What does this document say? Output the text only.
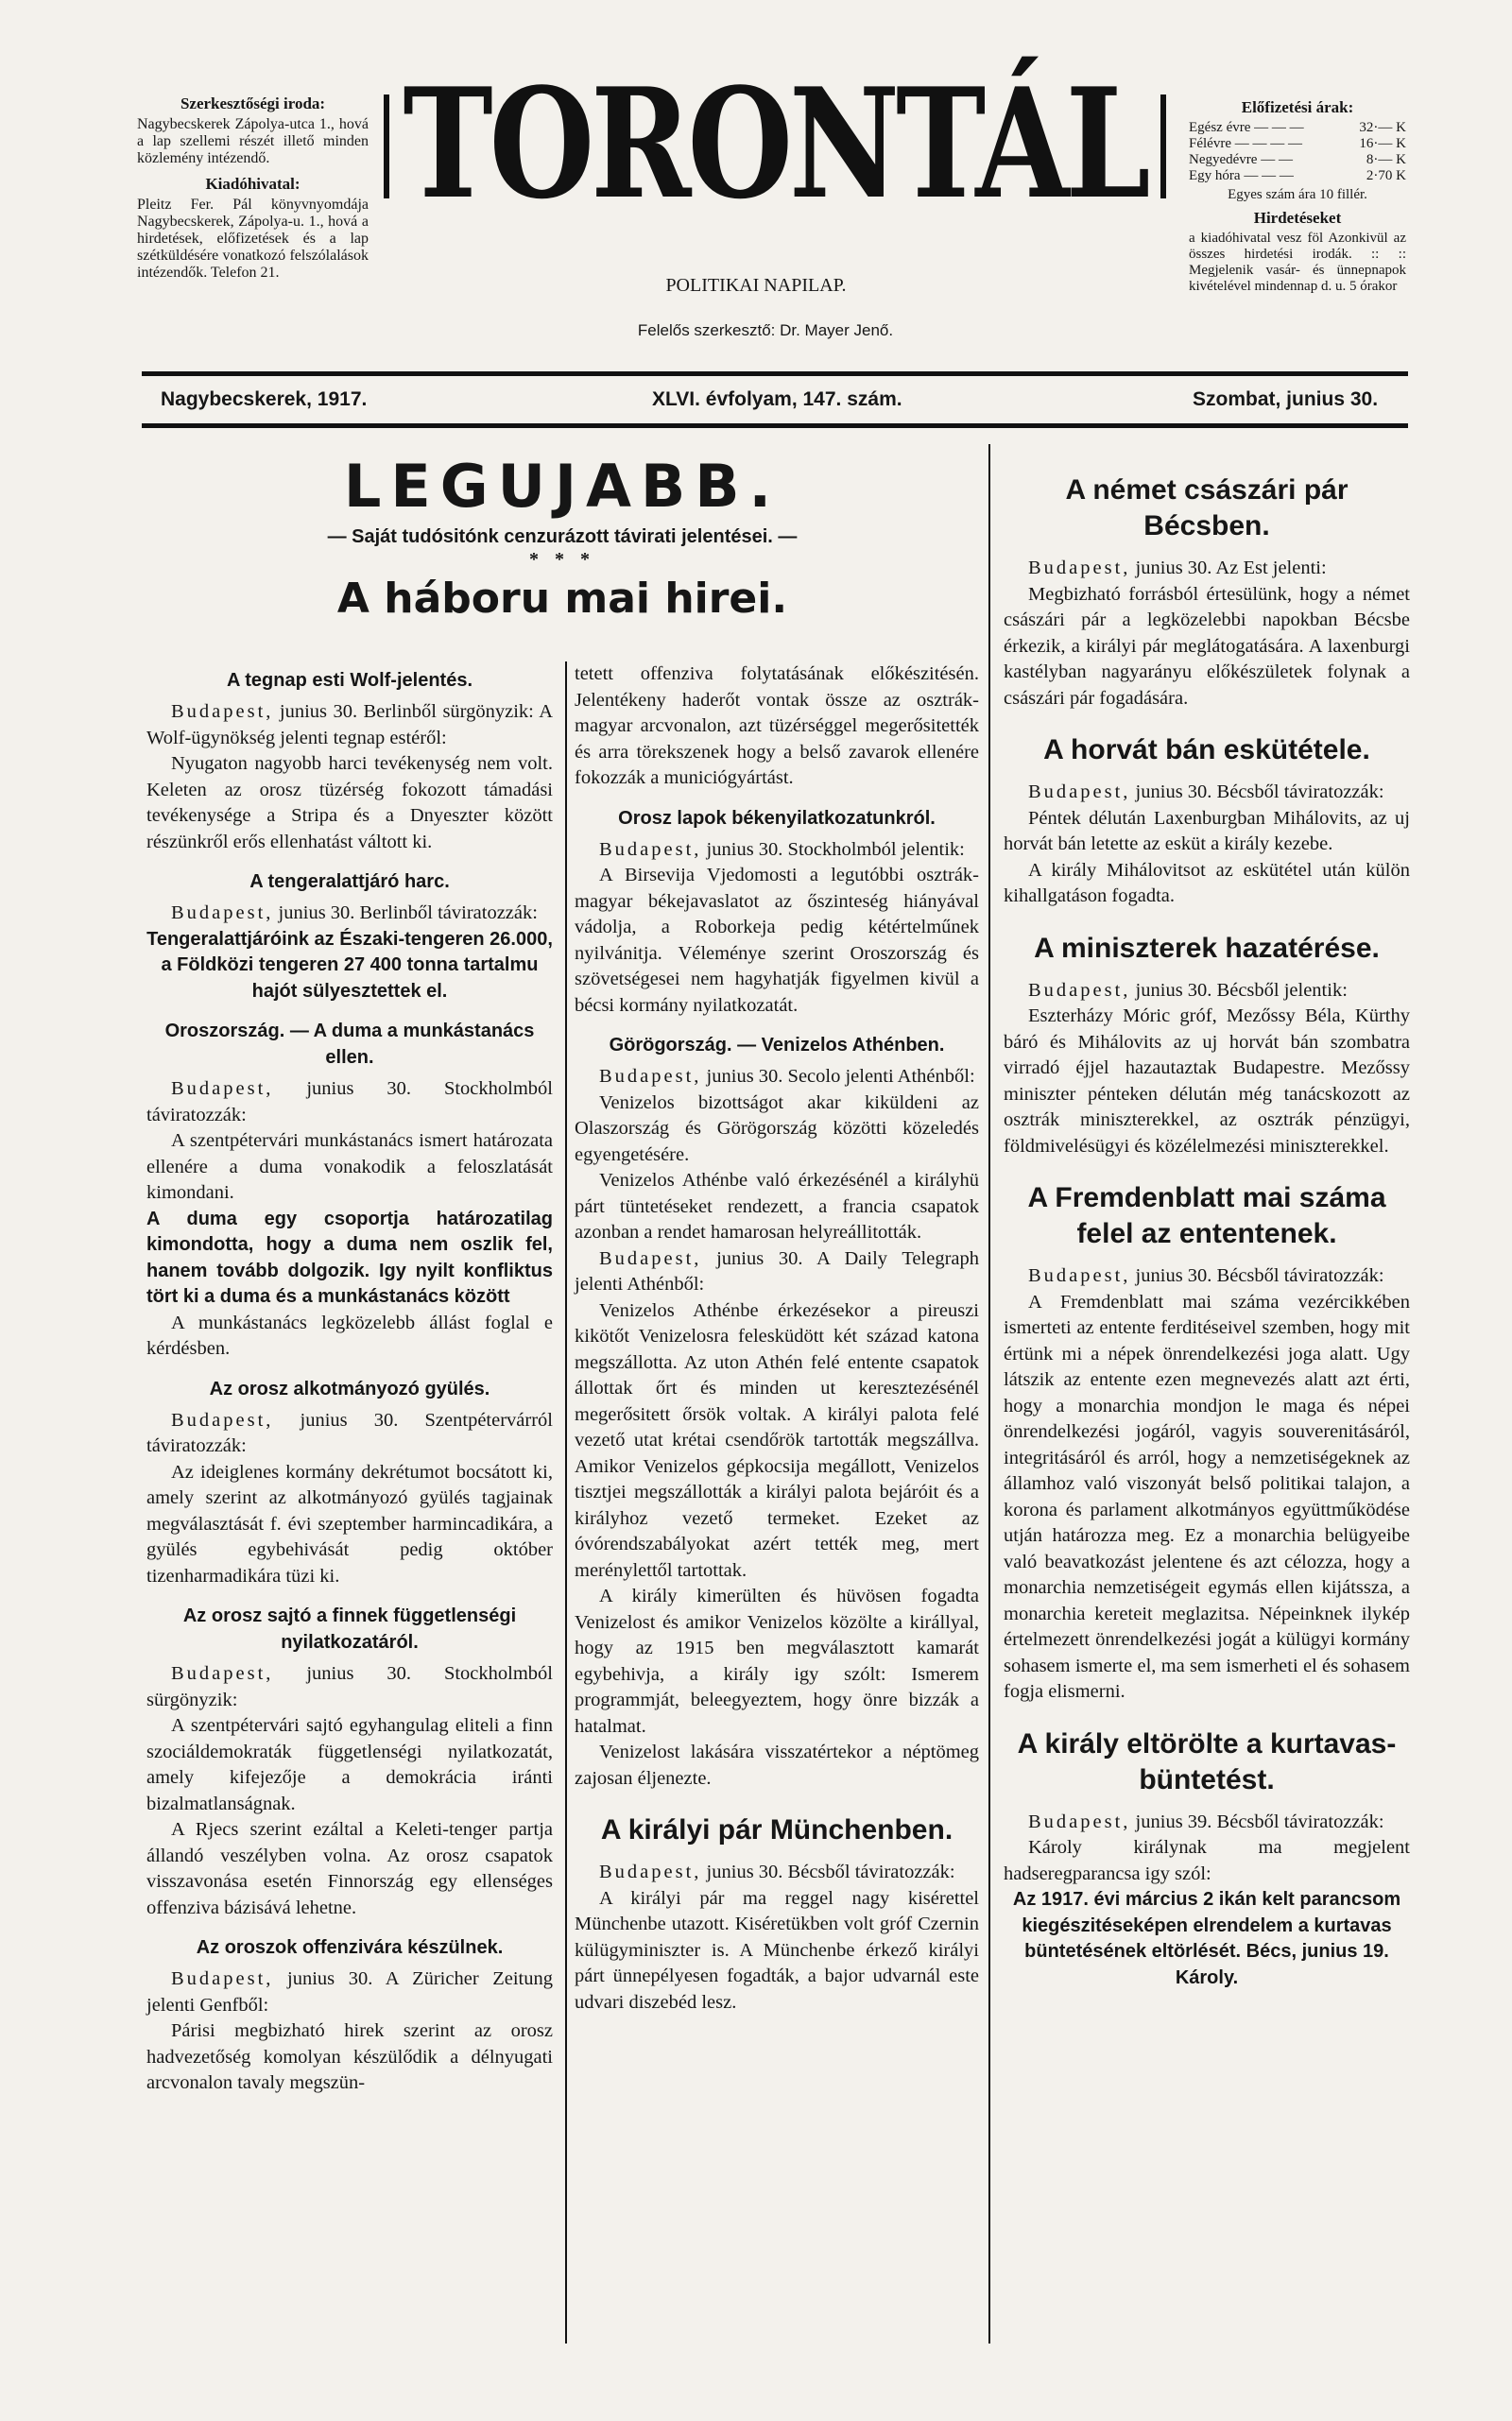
Szerkesztőségi iroda:

Nagybecskerek Zápolya-utca 1., hová a lap szellemi részét illető minden közlemény intézendő.

Kiadóhivatal:

Pleitz Fer. Pál könyvnyomdája Nagybecskerek, Zápolya-u. 1., hová a hirdetések, előfizetések és a lap szétküldésére vonatkozó felszólalások intézendők. Telefon 21.

TORONTÁL
POLITIKAI NAPILAP.
Felelős szerkesztő: Dr. Mayer Jenő.
Előfizetési árak:
Egész évre — — —	32·— K
Félévre — — — —	16·— K
Negyedévre — —	8·— K
Egy hóra — — —	2·70 K
Egyes szám ára 10 fillér.
Hirdetéseket

a kiadóhivatal vesz föl Azonkivül az összes hirdetési irodák. :: :: Megjelenik vasár- és ünnepnapok kivételével mindennap d. u. 5 órakor

Nagybecskerek, 1917.	XLVI. évfolyam, 147. szám.	Szombat, junius 30.
LEGUJABB.
— Saját tudósitónk cenzurázott távirati jelentései. —
* * *
A háboru mai hirei.
A tegnap esti Wolf-jelentés.

Budapest, junius 30. Berlinből sürgönyzik: A Wolf-ügynökség jelenti tegnap estéről:

Nyugaton nagyobb harci tevékenység nem volt. Keleten az orosz tüzérség fokozott támadási tevékenysége a Stripa és a Dnyeszter között részünkről erős ellenhatást váltott ki.

A tengeralattjáró harc.

Budapest, junius 30. Berlinből táviratozzák:

Tengeralattjáróink az Északi-tengeren 26.000, a Földközi tengeren 27 400 tonna tartalmu hajót sülyesztettek el.

Oroszország. — A duma a munkástanács ellen.

Budapest, junius 30. Stockholmból táviratozzák:

A szentpétervári munkástanács ismert határozata ellenére a duma vonakodik a feloszlatását kimondani.

A duma egy csoportja határozatilag kimondotta, hogy a duma nem oszlik fel, hanem tovább dolgozik. Igy nyilt konfliktus tört ki a duma és a munkástanács között

A munkástanács legközelebb állást foglal e kérdésben.

Az orosz alkotmányozó gyülés.

Budapest, junius 30. Szentpétervárról táviratozzák:

Az ideiglenes kormány dekrétumot bocsátott ki, amely szerint az alkotmányozó gyülés tagjainak megválasztását f. évi szeptember harmincadikára, a gyülés egybehivását pedig október tizenharmadikára tüzi ki.

Az orosz sajtó a finnek függetlenségi nyilatkozatáról.

Budapest, junius 30. Stockholmból sürgönyzik:

A szentpétervári sajtó egyhangulag eliteli a finn szociáldemokraták függetlenségi nyilatkozatát, amely kifejezője a demokrácia iránti bizalmatlanságnak.

A Rjecs szerint ezáltal a Keleti-tenger partja állandó veszélyben volna. Az orosz csapatok visszavonása esetén Finnország egy ellenséges offenziva bázisává lehetne.

Az oroszok offenzivára készülnek.

Budapest, junius 30. A Züricher Zeitung jelenti Genfből:

Párisi megbizható hirek szerint az orosz hadvezetőség komolyan készülődik a délnyugati arcvonalon tavaly megszün-

tetett offenziva folytatásának előkészitésén. Jelentékeny haderőt vontak össze az osztrák-magyar arcvonalon, azt tüzérséggel megerősitették és arra törekszenek hogy a belső zavarok ellenére fokozzák a municiógyártást.

Orosz lapok békenyilatkozatunkról.

Budapest, junius 30. Stockholmból jelentik:

A Birsevija Vjedomosti a legutóbbi osztrák-magyar békejavaslatot az őszinteség hiányával vádolja, a Roborkeja pedig kétértelműnek nyilvánitja. Véleménye szerint Oroszország és szövetségesei nem hagyhatják figyelmen kivül a bécsi kormány nyilatkozatát.

Görögország. — Venizelos Athénben.

Budapest, junius 30. Secolo jelenti Athénből:

Venizelos bizottságot akar kiküldeni az Olaszország és Görögország közötti közeledés egyengetésére.

Venizelos Athénbe való érkezésénél a királyhü párt tüntetéseket rendezett, a francia csapatok azonban a rendet hamarosan helyreállitották.

Budapest, junius 30. A Daily Telegraph jelenti Athénből:

Venizelos Athénbe érkezésekor a pireuszi kikötőt Venizelosra felesküdött két század katona megszállotta. Az uton Athén felé entente csapatok állottak őrt és minden ut keresztezésénél megerősitett őrsök voltak. A királyi palota felé vezető utat krétai csendőrök tartották megszállva. Amikor Venizelos gépkocsija megállott, Venizelos tisztjei megszállották a királyi palota bejáróit és a királyhoz vezető termeket. Ezeket az óvórendszabályokat azért tették meg, mert merénylettől tartottak.

A király kimerülten és hüvösen fogadta Venizelost és amikor Venizelos közölte a királlyal, hogy az 1915 ben megválasztott kamarát egybehivja, a király igy szólt: Ismerem programmját, beleegyeztem, hogy önre bizzák a hatalmat.

Venizelost lakására visszatértekor a néptömeg zajosan éljenezte.

A királyi pár Münchenben.

Budapest, junius 30. Bécsből táviratozzák:

A királyi pár ma reggel nagy kisérettel Münchenbe utazott. Kiséretükben volt gróf Czernin külügyminiszter is. A Münchenbe érkező királyi párt ünnepélyesen fogadták, a bajor udvarnál este udvari diszebéd lesz.

A német császári pár Bécsben.

Budapest, junius 30. Az Est jelenti:

Megbizható forrásból értesülünk, hogy a német császári pár a legközelebbi napokban Bécsbe érkezik, a királyi pár meglátogatására. A laxenburgi kastélyban nagyarányu előkészületek folynak a császári pár fogadására.

A horvát bán eskütétele.

Budapest, junius 30. Bécsből táviratozzák:

Péntek délután Laxenburgban Mihálovits, az uj horvát bán letette az esküt a király kezebe.

A király Mihálovitsot az eskütétel után külön kihallgatáson fogadta.

A miniszterek hazatérése.

Budapest, junius 30. Bécsből jelentik:

Eszterházy Móric gróf, Mezőssy Béla, Kürthy báró és Mihálovits az uj horvát bán szombatra virradó éjjel hazautaztak Budapestre. Mezőssy miniszter pénteken délután még tanácskozott az osztrák miniszterekkel, az osztrák pénzügyi, földmivelésügyi és közélelmezési miniszterekkel.

A Fremdenblatt mai száma felel az ententenek.

Budapest, junius 30. Bécsből táviratozzák:

A Fremdenblatt mai száma vezércikkében ismerteti az entente ferditéseivel szemben, hogy mit értünk mi a népek önrendelkezési joga alatt. Ugy látszik az entente ezen megnevezés alatt azt érti, hogy a monarchia mondjon le maga és népei önrendelkezési jogáról, vagyis souverenitásáról, integritásáról és arról, hogy a nemzetiségeknek az államhoz való viszonyát belső politikai talajon, a korona és parlament alkotmányos együttműködése utján határozza meg. Ez a monarchia belügyeibe való beavatkozást jelentene és azt célozza, hogy a monarchia nemzetiségeit egymás ellen kijátssza, a monarchia kereteit meglazitsa. Népeinknek ilykép értelmezett önrendelkezési jogát a külügyi kormány sohasem ismerte el, ma sem ismerheti el és sohasem fogja elismerni.

A király eltörölte a kurtavas-büntetést.

Budapest, junius 39. Bécsből táviratozzák:

Károly királynak ma megjelent hadseregparancsa igy szól:

Az 1917. évi március 2 ikán kelt parancsom kiegészitéseképen elrendelem a kurtavas büntetésének eltörlését. Bécs, junius 19. Károly.
